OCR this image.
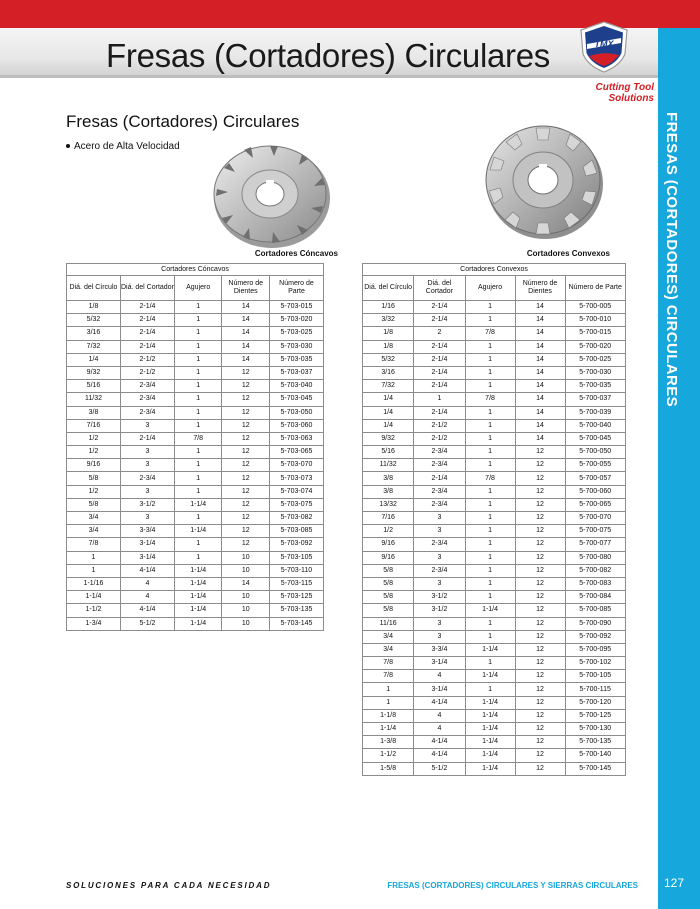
Fresas (Cortadores) Circulares
FRESAS (CORTADORES) CIRCULARES
127
TMX
Cutting Tool
Solutions
Fresas (Cortadores) Circulares
Acero de Alta Velocidad
Cortadores Cóncavos	Cortadores Convexos
Cortadores Cóncavos				
Diá. del Círculo	Diá. del Cortador	Agujero	Número de Dientes	Número de Parte
1/8	2-1/4	1	14	5-703-015
5/32	2-1/4	1	14	5-703-020
3/16	2-1/4	1	14	5-703-025
7/32	2-1/4	1	14	5-703-030
1/4	2-1/2	1	14	5-703-035
9/32	2-1/2	1	12	5-703-037
5/16	2-3/4	1	12	5-703-040
11/32	2-3/4	1	12	5-703-045
3/8	2-3/4	1	12	5-703-050
7/16	3	1	12	5-703-060
1/2	2-1/4	7/8	12	5-703-063
1/2	3	1	12	5-703-065
9/16	3	1	12	5-703-070
5/8	2-3/4	1	12	5-703-073
1/2	3	1	12	5-703-074
5/8	3-1/2	1-1/4	12	5-703-075
3/4	3	1	12	5-703-082
3/4	3-3/4	1-1/4	12	5-703-085
7/8	3-1/4	1	12	5-703-092
1	3-1/4	1	10	5-703-105
1	4-1/4	1-1/4	10	5-703-110
1-1/16	4	1-1/4	14	5-703-115
1-1/4	4	1-1/4	10	5-703-125
1-1/2	4-1/4	1-1/4	10	5-703-135
1-3/4	5-1/2	1-1/4	10	5-703-145
Cortadores Convexos				
Diá. del Círculo	Diá. del Cortador	Agujero	Número de Dientes	Número de Parte
1/16	2-1/4	1	14	5-700-005
3/32	2-1/4	1	14	5-700-010
1/8	2	7/8	14	5-700-015
1/8	2-1/4	1	14	5-700-020
5/32	2-1/4	1	14	5-700-025
3/16	2-1/4	1	14	5-700-030
7/32	2-1/4	1	14	5-700-035
1/4	1	7/8	14	5-700-037
1/4	2-1/4	1	14	5-700-039
1/4	2-1/2	1	14	5-700-040
9/32	2-1/2	1	14	5-700-045
5/16	2-3/4	1	12	5-700-050
11/32	2-3/4	1	12	5-700-055
3/8	2-1/4	7/8	12	5-700-057
3/8	2-3/4	1	12	5-700-060
13/32	2-3/4	1	12	5-700-065
7/16	3	1	12	5-700-070
1/2	3	1	12	5-700-075
9/16	2-3/4	1	12	5-700-077
9/16	3	1	12	5-700-080
5/8	2-3/4	1	12	5-700-082
5/8	3	1	12	5-700-083
5/8	3-1/2	1	12	5-700-084
5/8	3-1/2	1-1/4	12	5-700-085
11/16	3	1	12	5-700-090
3/4	3	1	12	5-700-092
3/4	3-3/4	1-1/4	12	5-700-095
7/8	3-1/4	1	12	5-700-102
7/8	4	1-1/4	12	5-700-105
1	3-1/4	1	12	5-700-115
1	4-1/4	1-1/4	12	5-700-120
1-1/8	4	1-1/4	12	5-700-125
1-1/4	4	1-1/4	12	5-700-130
1-3/8	4-1/4	1-1/4	12	5-700-135
1-1/2	4-1/4	1-1/4	12	5-700-140
1-5/8	5-1/2	1-1/4	12	5-700-145
SOLUCIONES PARA CADA NECESIDAD	FRESAS (CORTADORES) CIRCULARES Y SIERRAS CIRCULARES
